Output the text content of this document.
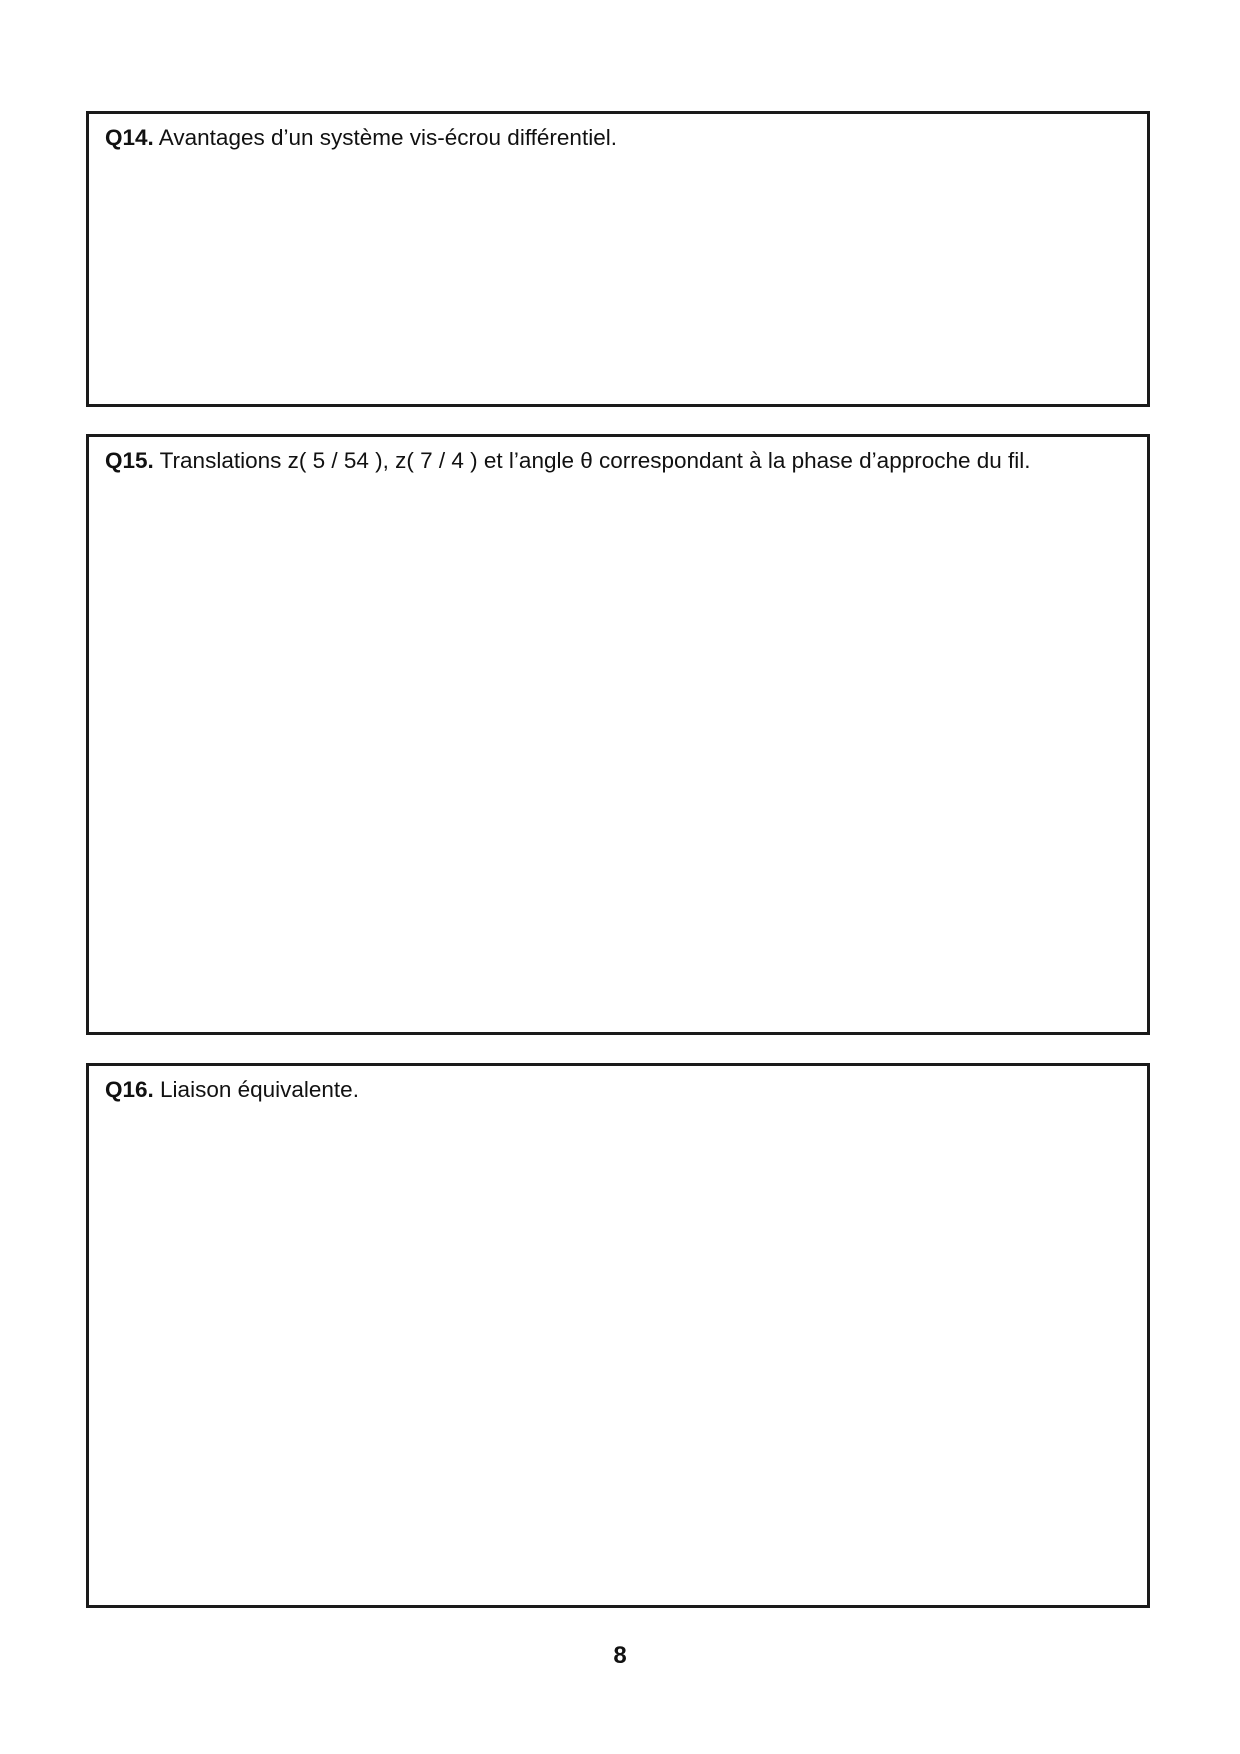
Q14. Avantages d’un système vis-écrou différentiel.
Q15. Translations z( 5 / 54 ), z( 7 / 4 ) et l’angle θ correspondant à la phase d’approche du fil.
Q16. Liaison équivalente.
8
